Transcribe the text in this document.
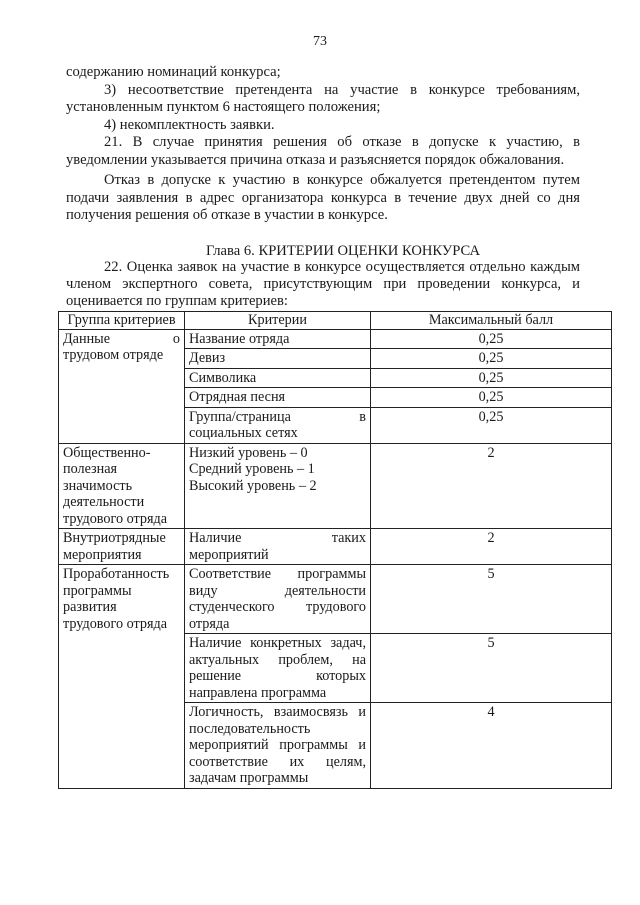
73

содержанию номинаций конкурса;

3) несоответствие претендента на участие в конкурсе требованиям, установленным пунктом 6 настоящего положения;

4) некомплектность заявки.

21. В случае принятия решения об отказе в допуске к участию, в уведомлении указывается причина отказа и разъясняется порядок обжалования.

Отказ в допуске к участию в конкурсе обжалуется претендентом путем подачи заявления в адрес организатора конкурса в течение двух дней со дня получения решения об отказе в участии в конкурсе.

Глава 6. КРИТЕРИИ ОЦЕНКИ КОНКУРСА

22. Оценка заявок на участие в конкурсе осуществляется отдельно каждым членом экспертного совета, присутствующим при проведении конкурса, и оценивается по группам критериев:

Группа критериев	Критерии	Максимальный балл

Данные о
трудовом отряде	Название отряда	0,25
	Девиз	0,25
	Символика	0,25
	Отрядная песня	0,25

	Группа/страница в
социальных сетях	0,25
Общественно-полезная значимость деятельности трудового отряда	Низкий уровень – 0
Средний уровень – 1
Высокий уровень – 2	2
Внутриотрядные мероприятия	Наличие таких
мероприятий	2
Проработанность программы развития трудового отряда	Соответствие программы виду деятельности студенческого трудового отряда	5
	Наличие конкретных задач, актуальных проблем, на решение которых направлена программа	5
	Логичность, взаимосвязь и последовательность мероприятий программы и соответствие их целям, задачам программы	4
